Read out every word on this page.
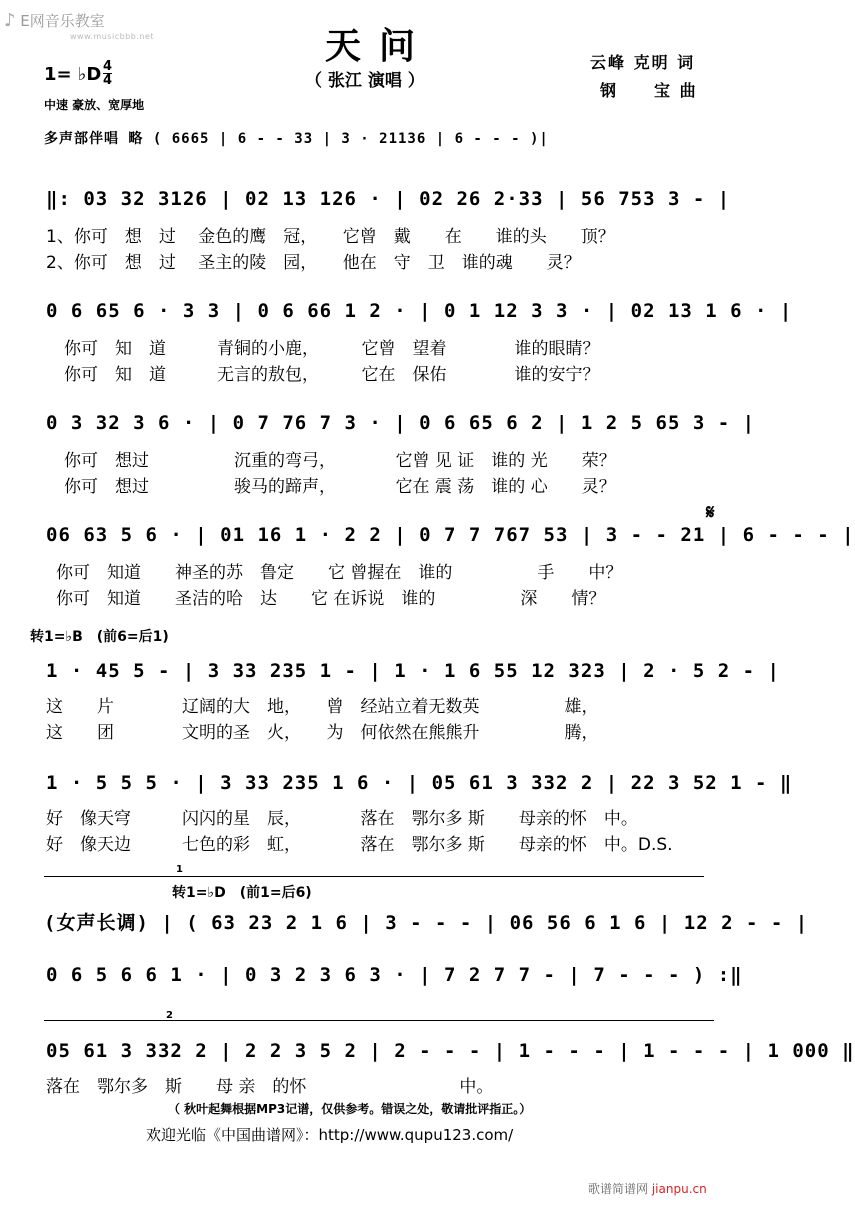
♪ E网音乐教室
www.musicbbb.net	天问
（ 张江 演唱 ）
云峰 克明 词
钢　　宝 曲
1= ♭D 4
4
中速 豪放、宽厚地
多声部伴唱 略 ( 6665 | 6 - - 33 | 3 · 21136 | 6 - - - )|
‖: 03 32 3126 | 02 13 126 · | 02 26 2·33 | 56 753 3 - |
1、你可　想　过　 金色的鹰　冠，　　它曾　戴　　在　　谁的头　　顶？
2、你可　想　过　 圣主的陵　园，　　他在　守　卫　谁的魂　　灵？
0 6 65 6 · 3 3 | 0 6 66 1 2 · | 0 1 12 3 3 · | 02 13 1 6 · |
你可　知　道　　　青铜的小鹿，　　　它曾　望着　　　　谁的眼睛？
你可　知　道　　　无言的敖包，　　　它在　保佑　　　　谁的安宁？
0 3 32 3 6 · | 0 7 76 7 3 · | 0 6 65 6 2 | 1 2 5 65 3 - |
你可　想过　　　　　沉重的弯弓，　　　　它曾 见 证　谁的 光　　荣？
你可　想过　　　　　骏马的蹄声，　　　　它在 震 荡　谁的 心　　灵？
06 63 5 6 · | 01 16 1 · 2 2 | 0 7 7 767 53 | 3 - - 21 | 6 - - - |
𝄋
你可　知道　　神圣的苏　鲁定　　它 曾握在　谁的　　　　　手　　中？
你可　知道　　圣洁的哈　达　　它 在诉说　谁的　　　　　深　　情？
转1=♭B　(前6=后1)
1 · 45 5 - | 3 33 235 1 - | 1 · 1 6 55 12 323 | 2 · 5 2 - |
这　　片　　　　辽阔的大　地，　　曾　经站立着无数英　　　　　雄，
这　　团　　　　文明的圣　火，　　为　何依然在熊熊升　　　　　腾，
1 · 5 5 5 · | 3 33 235 1 6 · | 05 61 3 332 2 | 22 3 52 1 - ‖
好　像天穹　　　闪闪的星　辰，　　　　落在　鄂尔多 斯　　母亲的怀　中。
好　像天边　　　七色的彩　虹，　　　　落在　鄂尔多 斯　　母亲的怀　中。D.S.
1
转1=♭D　(前1=后6)
(女声长调) | ( 63 23 2 1 6 | 3 - - - | 06 56 6 1 6 | 12 2 - - |
0 6 5 6 6 1 · | 0 3 2 3 6 3 · | 7 2 7 7 - | 7 - - - ) :‖
2
05 61 3 332 2 | 2 2 3 5 2 | 2 - - - | 1 - - - | 1 - - - | 1 000 ‖
落在　鄂尔多　斯　　母 亲　的怀　　　　　　　　　中。
（ 秋叶起舞根据MP3记谱，仅供参考。错误之处，敬请批评指正。）
欢迎光临《中国曲谱网》：http://www.qupu123.com/
歌谱简谱网 jianpu.cn
